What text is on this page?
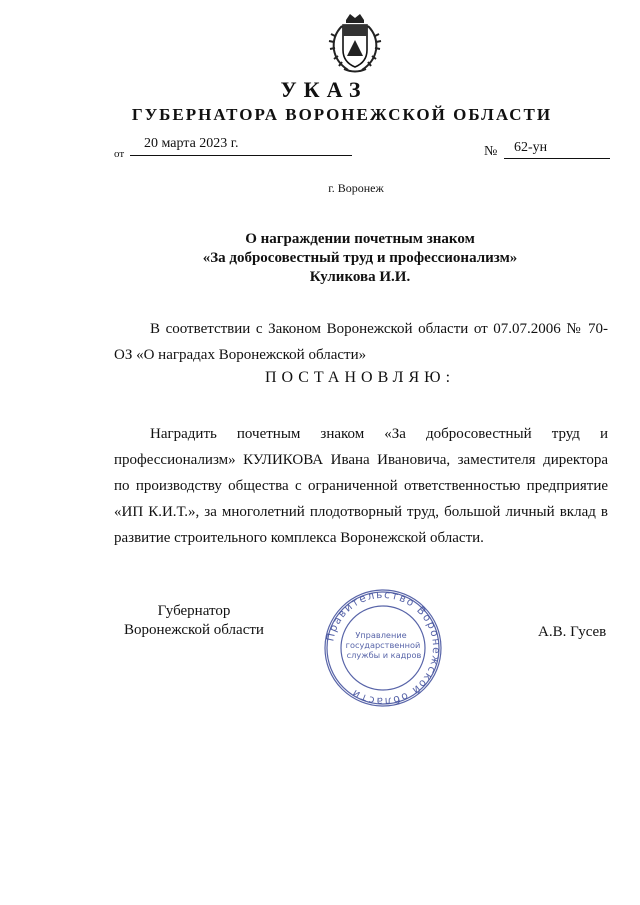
УКАЗ
ГУБЕРНАТОРА ВОРОНЕЖСКОЙ ОБЛАСТИ
от
20 марта 2023 г.
№	62-ун
г. Воронеж
О награждении почетным знаком
«За добросовестный труд и профессионализм»
Куликова И.И.
В соответствии с Законом Воронежской области от 07.07.2006 № 70-ОЗ «О наградах Воронежской области»
ПОСТАНОВЛЯЮ:
Наградить почетным знаком «За добросовестный труд и профессионализм» КУЛИКОВА Ивана Ивановича, заместителя директора по производству общества с ограниченной ответственностью предприятие «ИП К.И.Т.», за многолетний плодотворный труд, большой личный вклад в развитие строительного комплекса Воронежской области.
Губернатор
Воронежской области	Правительство Воронежской области
Управление
государственной
службы и кадров
А.В. Гусев
